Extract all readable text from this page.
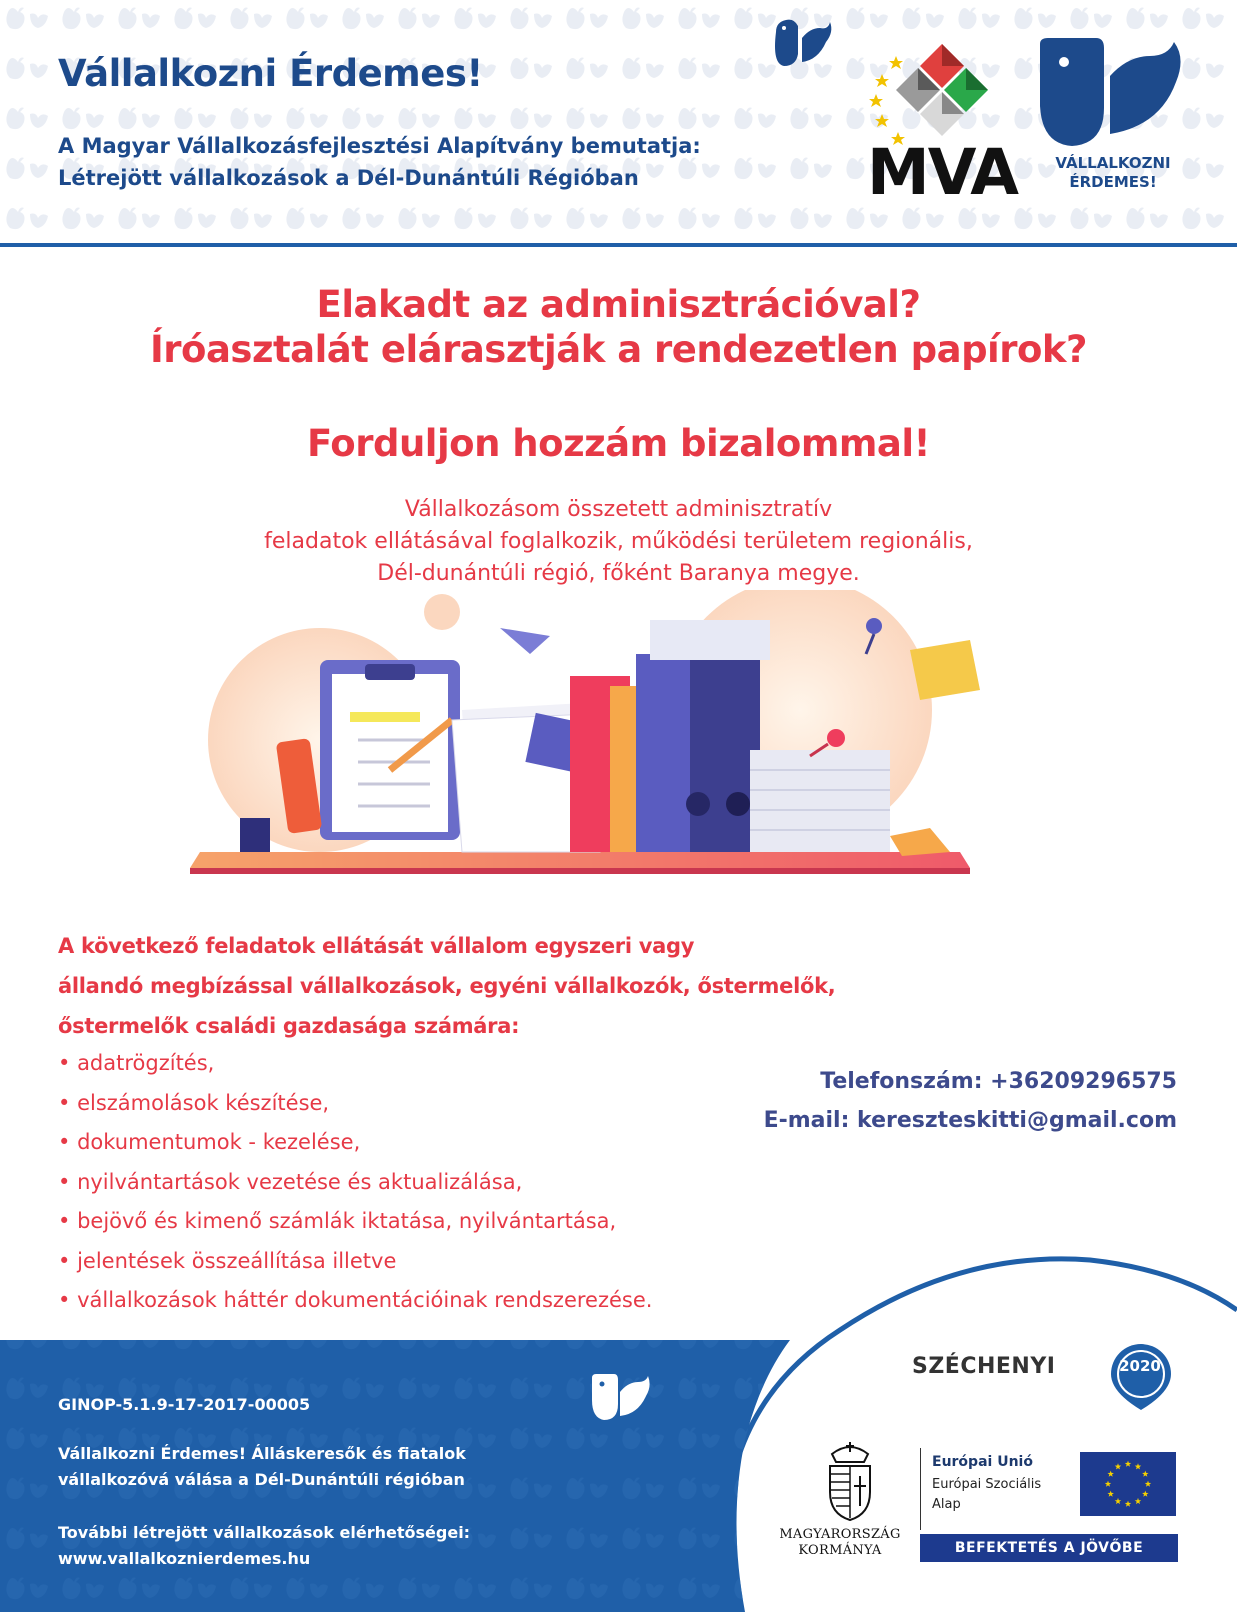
Vállalkozni Érdemes!
A Magyar Vállalkozásfejlesztési Alapítvány bemutatja:
Létrejött vállalkozások a Dél-Dunántúli Régióban	MVA	VÁLLALKOZNI
ÉRDEMES!
Elakadt az adminisztrációval?
Íróasztalát elárasztják a rendezetlen papírok?
Forduljon hozzám bizalommal!
Vállalkozásom összetett adminisztratív
feladatok ellátásával foglalkozik, működési területem regionális,
Dél-dunántúli régió, főként Baranya megye.
A következő feladatok ellátását vállalom egyszeri vagy
állandó megbízással vállalkozások, egyéni vállalkozók, őstermelők,
őstermelők családi gazdasága számára:
• adatrögzítés,
• elszámolások készítése,
• dokumentumok - kezelése,
• nyilvántartások vezetése és aktualizálása,
• bejövő és kimenő számlák iktatása, nyilvántartása,
• jelentések összeállítása illetve
• vállalkozások háttér dokumentációinak rendszerezése.
Telefonszám: +36209296575
E-mail: kereszteskitti@gmail.com
GINOP-5.1.9-17-2017-00005
Vállalkozni Érdemes! Álláskeresők és fiatalok
vállalkozóvá válása a Dél-Dunántúli régióban
További létrejött vállalkozások elérhetőségei:
www.vallalkoznierdemes.hu
SZÉCHENYI	2020
MAGYARORSZÁG
KORMÁNYA
Európai Unió
Európai Szociális
Alap
BEFEKTETÉS A JÖVŐBE
